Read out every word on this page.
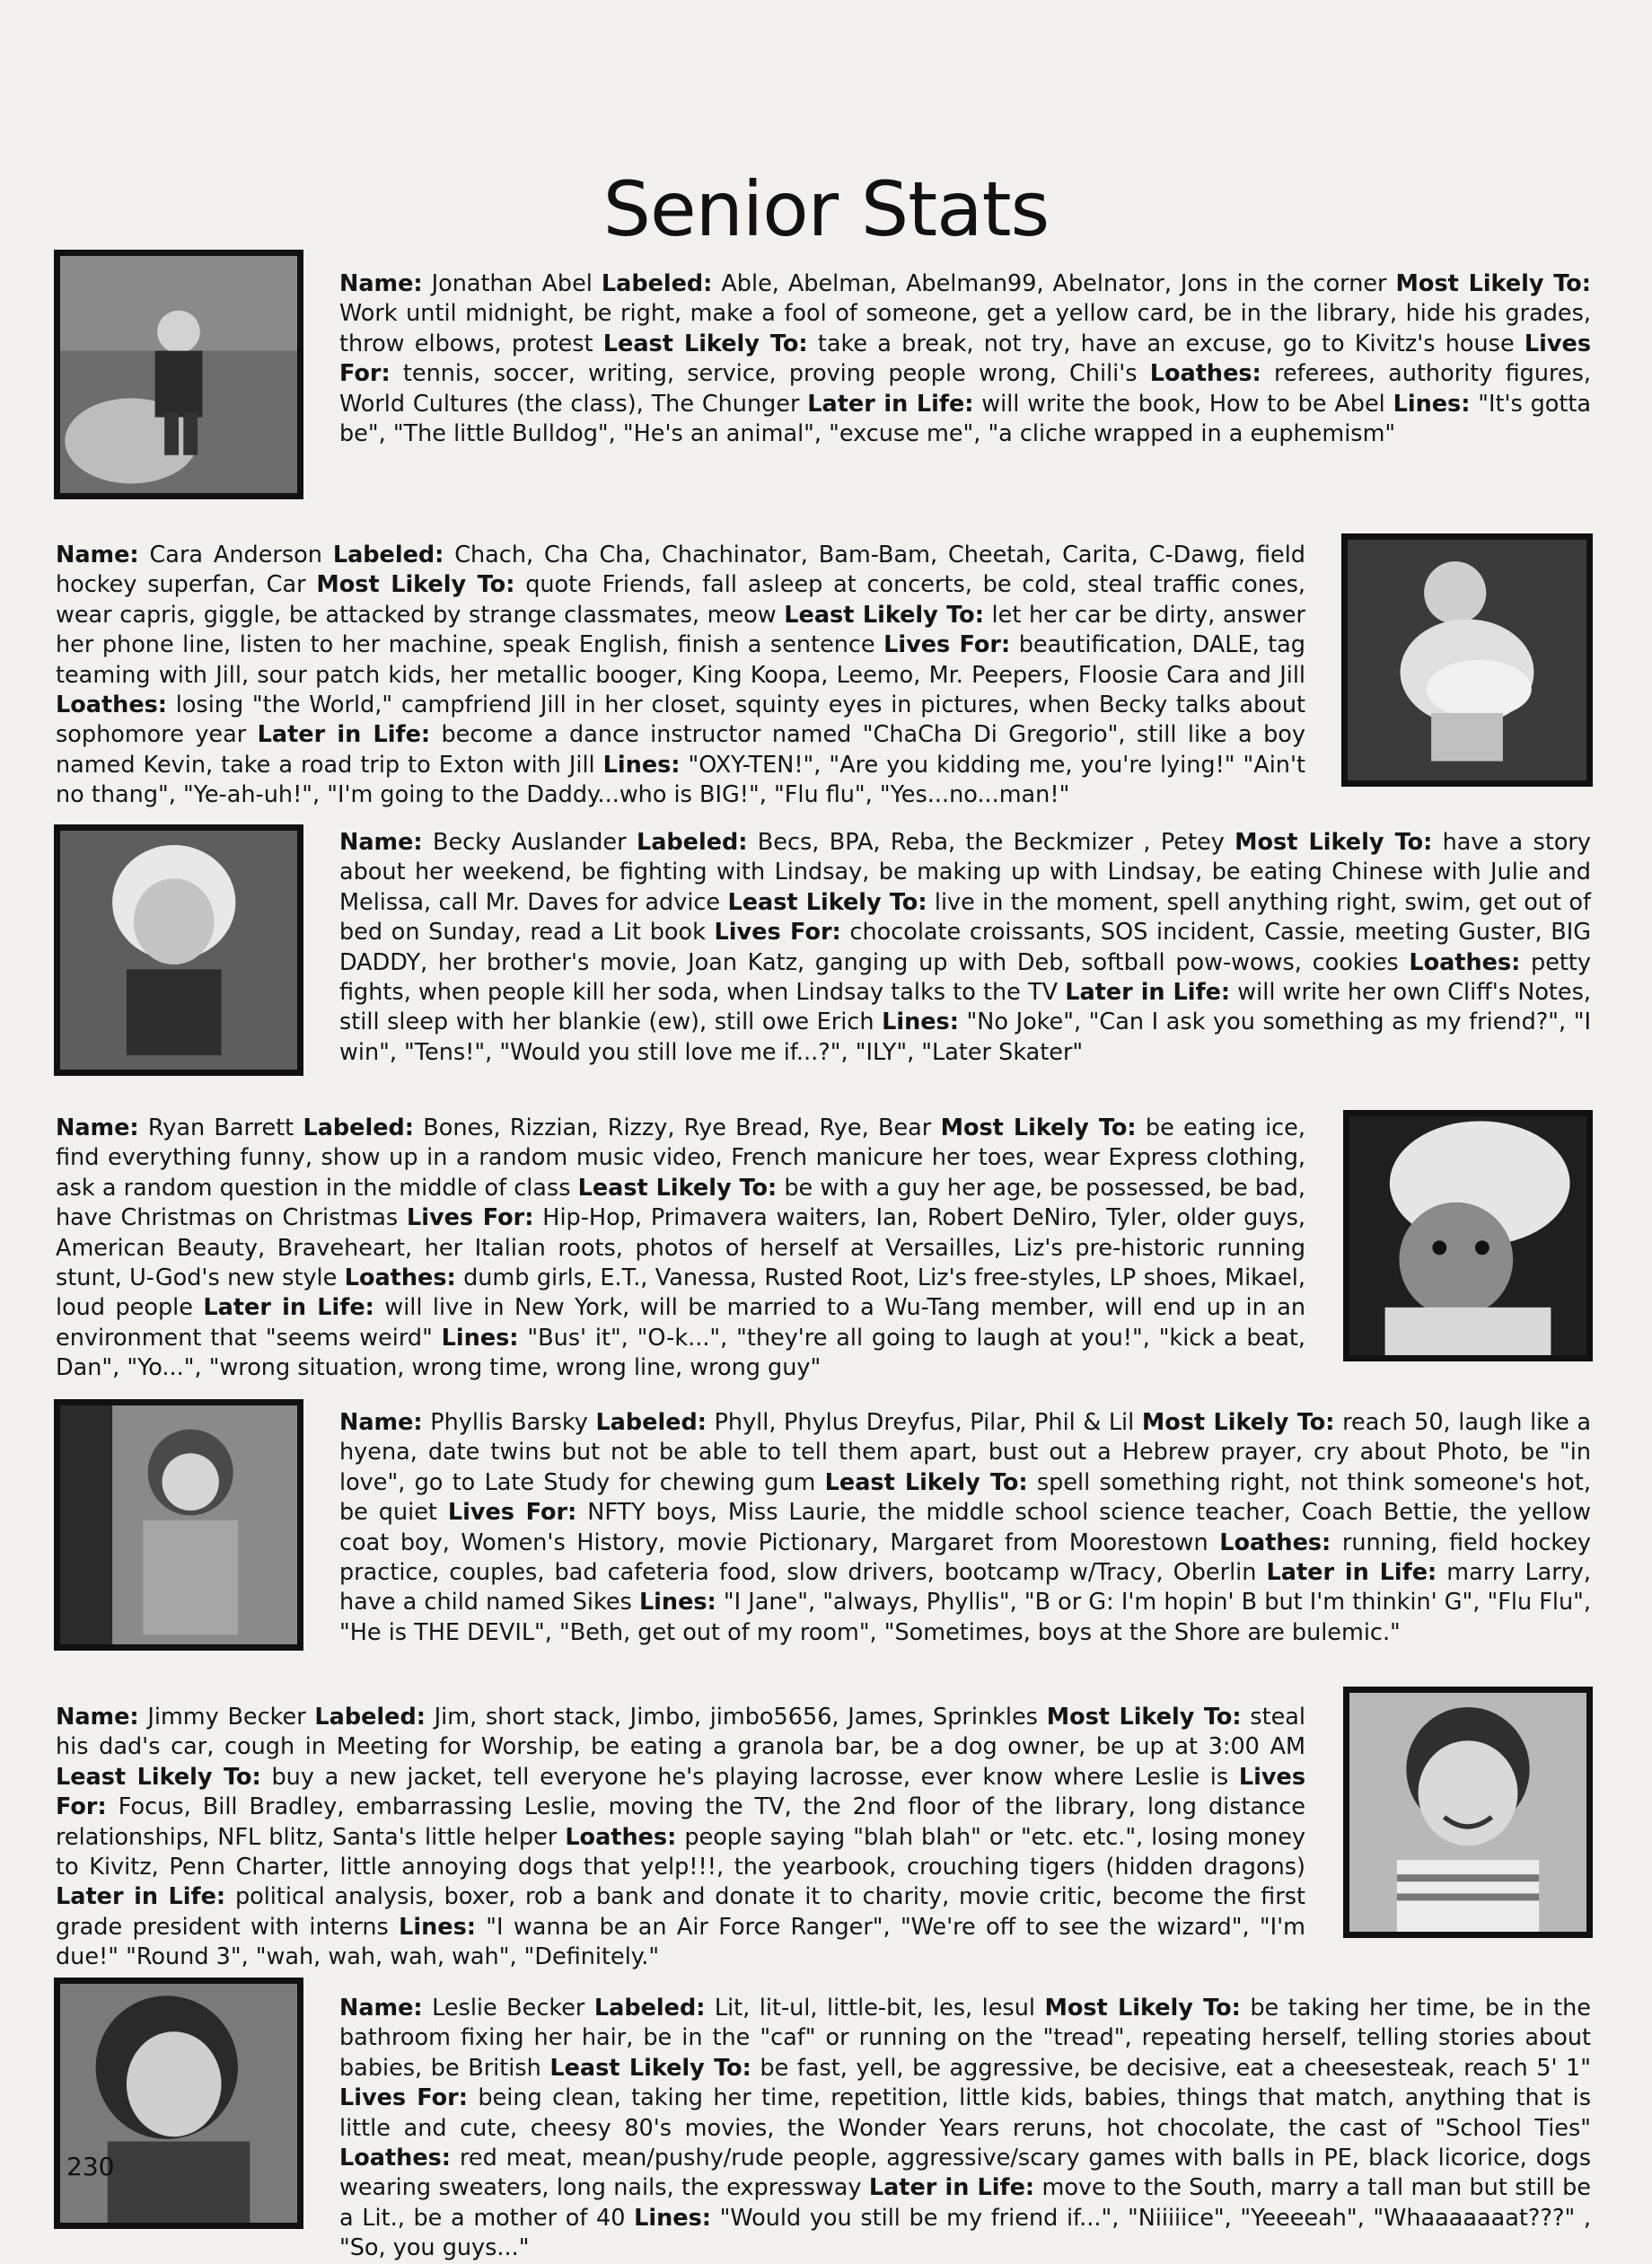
Senior Stats

Name: Jonathan Abel Labeled: Able, Abelman, Abelman99, Abelnator, Jons in the corner Most Likely To: Work until midnight, be right, make a fool of someone, get a yellow card, be in the library, hide his grades, throw elbows, protest Least Likely To: take a break, not try, have an excuse, go to Kivitz's house Lives For: tennis, soccer, writing, service, proving people wrong, Chili's Loathes: referees, authority figures, World Cultures (the class), The Chunger Later in Life: will write the book, How to be Abel Lines: "It's gotta be", "The little Bulldog", "He's an animal", "excuse me", "a cliche wrapped in a euphemism"

Name: Cara Anderson Labeled: Chach, Cha Cha, Chachinator, Bam-Bam, Cheetah, Carita, C-Dawg, field hockey superfan, Car Most Likely To: quote Friends, fall asleep at concerts, be cold, steal traffic cones, wear capris, giggle, be attacked by strange classmates, meow Least Likely To: let her car be dirty, answer her phone line, listen to her machine, speak English, finish a sentence Lives For: beautification, DALE, tag teaming with Jill, sour patch kids, her metallic booger, King Koopa, Leemo, Mr. Peepers, Floosie Cara and Jill Loathes: losing "the World," campfriend Jill in her closet, squinty eyes in pictures, when Becky talks about sophomore year Later in Life: become a dance instructor named "ChaCha Di Gregorio", still like a boy named Kevin, take a road trip to Exton with Jill Lines: "OXY-TEN!", "Are you kidding me, you're lying!" "Ain't no thang", "Ye-ah-uh!", "I'm going to the Daddy...who is BIG!", "Flu flu", "Yes...no...man!"

Name: Becky Auslander Labeled: Becs, BPA, Reba, the Beckmizer , Petey Most Likely To: have a story about her weekend, be fighting with Lindsay, be making up with Lindsay, be eating Chinese with Julie and Melissa, call Mr. Daves for advice Least Likely To: live in the moment, spell anything right, swim, get out of bed on Sunday, read a Lit book Lives For: chocolate croissants, SOS incident, Cassie, meeting Guster, BIG DADDY, her brother's movie, Joan Katz, ganging up with Deb, softball pow-wows, cookies Loathes: petty fights, when people kill her soda, when Lindsay talks to the TV Later in Life: will write her own Cliff's Notes, still sleep with her blankie (ew), still owe Erich Lines: "No Joke", "Can I ask you something as my friend?", "I win", "Tens!", "Would you still love me if...?", "ILY", "Later Skater"

Name: Ryan Barrett Labeled: Bones, Rizzian, Rizzy, Rye Bread, Rye, Bear Most Likely To: be eating ice, find everything funny, show up in a random music video, French manicure her toes, wear Express clothing, ask a random question in the middle of class Least Likely To: be with a guy her age, be possessed, be bad, have Christmas on Christmas Lives For: Hip-Hop, Primavera waiters, Ian, Robert DeNiro, Tyler, older guys, American Beauty, Braveheart, her Italian roots, photos of herself at Versailles, Liz's pre-historic running stunt, U-God's new style Loathes: dumb girls, E.T., Vanessa, Rusted Root, Liz's free-styles, LP shoes, Mikael, loud people Later in Life: will live in New York, will be married to a Wu-Tang member, will end up in an environment that "seems weird" Lines: "Bus' it", "O-k...", "they're all going to laugh at you!", "kick a beat, Dan", "Yo...", "wrong situation, wrong time, wrong line, wrong guy"

Name: Phyllis Barsky Labeled: Phyll, Phylus Dreyfus, Pilar, Phil & Lil Most Likely To: reach 50, laugh like a hyena, date twins but not be able to tell them apart, bust out a Hebrew prayer, cry about Photo, be "in love", go to Late Study for chewing gum Least Likely To: spell something right, not think someone's hot, be quiet Lives For: NFTY boys, Miss Laurie, the middle school science teacher, Coach Bettie, the yellow coat boy, Women's History, movie Pictionary, Margaret from Moorestown Loathes: running, field hockey practice, couples, bad cafeteria food, slow drivers, bootcamp w/Tracy, Oberlin Later in Life: marry Larry, have a child named Sikes Lines: "I Jane", "always, Phyllis", "B or G: I'm hopin' B but I'm thinkin' G", "Flu Flu", "He is THE DEVIL", "Beth, get out of my room", "Sometimes, boys at the Shore are bulemic."

Name: Jimmy Becker Labeled: Jim, short stack, Jimbo, jimbo5656, James, Sprinkles Most Likely To: steal his dad's car, cough in Meeting for Worship, be eating a granola bar, be a dog owner, be up at 3:00 AM Least Likely To: buy a new jacket, tell everyone he's playing lacrosse, ever know where Leslie is Lives For: Focus, Bill Bradley, embarrassing Leslie, moving the TV, the 2nd floor of the library, long distance relationships, NFL blitz, Santa's little helper Loathes: people saying "blah blah" or "etc. etc.", losing money to Kivitz, Penn Charter, little annoying dogs that yelp!!!, the yearbook, crouching tigers (hidden dragons) Later in Life: political analysis, boxer, rob a bank and donate it to charity, movie critic, become the first grade president with interns Lines: "I wanna be an Air Force Ranger", "We're off to see the wizard", "I'm due!" "Round 3", "wah, wah, wah, wah", "Definitely."

Name: Leslie Becker Labeled: Lit, lit-ul, little-bit, les, lesul Most Likely To: be taking her time, be in the bathroom fixing her hair, be in the "caf" or running on the "tread", repeating herself, telling stories about babies, be British Least Likely To: be fast, yell, be aggressive, be decisive, eat a cheesesteak, reach 5' 1" Lives For: being clean, taking her time, repetition, little kids, babies, things that match, anything that is little and cute, cheesy 80's movies, the Wonder Years reruns, hot chocolate, the cast of "School Ties" Loathes: red meat, mean/pushy/rude people, aggressive/scary games with balls in PE, black licorice, dogs wearing sweaters, long nails, the expressway Later in Life: move to the South, marry a tall man but still be a Lit., be a mother of 40 Lines: "Would you still be my friend if...", "Niiiiice", "Yeeeeah", "Whaaaaaaat???" , "So, you guys..."

230
